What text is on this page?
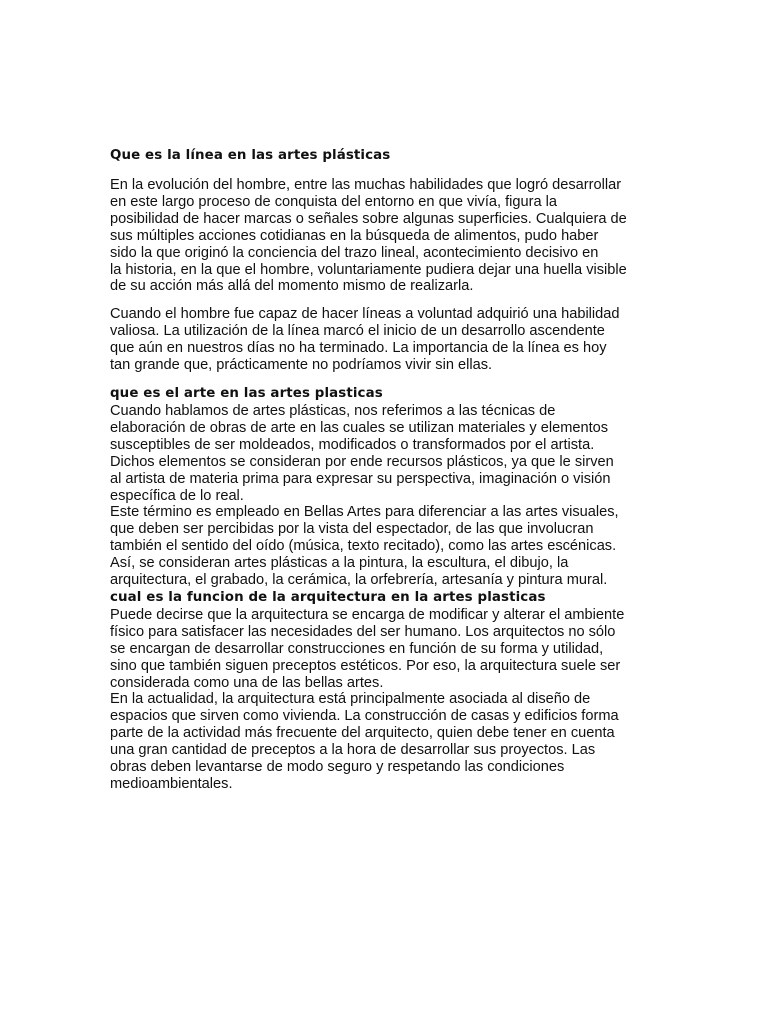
Que es la línea en las artes plásticas
En la evolución del hombre, entre las muchas habilidades que logró desarrollar
en este largo proceso de conquista del entorno en que vivía, figura la
posibilidad de hacer marcas o señales sobre algunas superficies. Cualquiera de
sus múltiples acciones cotidianas en la búsqueda de alimentos, pudo haber
sido la que originó la conciencia del trazo lineal, acontecimiento decisivo en
la historia, en la que el hombre, voluntariamente pudiera dejar una huella visible
de su acción más allá del momento mismo de realizarla.
Cuando el hombre fue capaz de hacer líneas a voluntad adquirió una habilidad
valiosa. La utilización de la línea marcó el inicio de un desarrollo ascendente
que aún en nuestros días no ha terminado. La importancia de la línea es hoy
tan grande que, prácticamente no podríamos vivir sin ellas.
que es el arte en las artes plasticas
Cuando hablamos de artes plásticas, nos referimos a las técnicas de
elaboración de obras de arte en las cuales se utilizan materiales y elementos
susceptibles de ser moldeados, modificados o transformados por el artista.
Dichos elementos se consideran por ende recursos plásticos, ya que le sirven
al artista de materia prima para expresar su perspectiva, imaginación o visión
específica de lo real.
Este término es empleado en Bellas Artes para diferenciar a las artes visuales,
que deben ser percibidas por la vista del espectador, de las que involucran
también el sentido del oído (música, texto recitado), como las artes escénicas.
Así, se consideran artes plásticas a la pintura, la escultura, el dibujo, la
arquitectura, el grabado, la cerámica, la orfebrería, artesanía y pintura mural.
cual es la funcion de la arquitectura en la artes plasticas
Puede decirse que la arquitectura se encarga de modificar y alterar el ambiente
físico para satisfacer las necesidades del ser humano. Los arquitectos no sólo
se encargan de desarrollar construcciones en función de su forma y utilidad,
sino que también siguen preceptos estéticos. Por eso, la arquitectura suele ser
considerada como una de las bellas artes.
En la actualidad, la arquitectura está principalmente asociada al diseño de
espacios que sirven como vivienda. La construcción de casas y edificios forma
parte de la actividad más frecuente del arquitecto, quien debe tener en cuenta
una gran cantidad de preceptos a la hora de desarrollar sus proyectos. Las
obras deben levantarse de modo seguro y respetando las condiciones
medioambientales.
